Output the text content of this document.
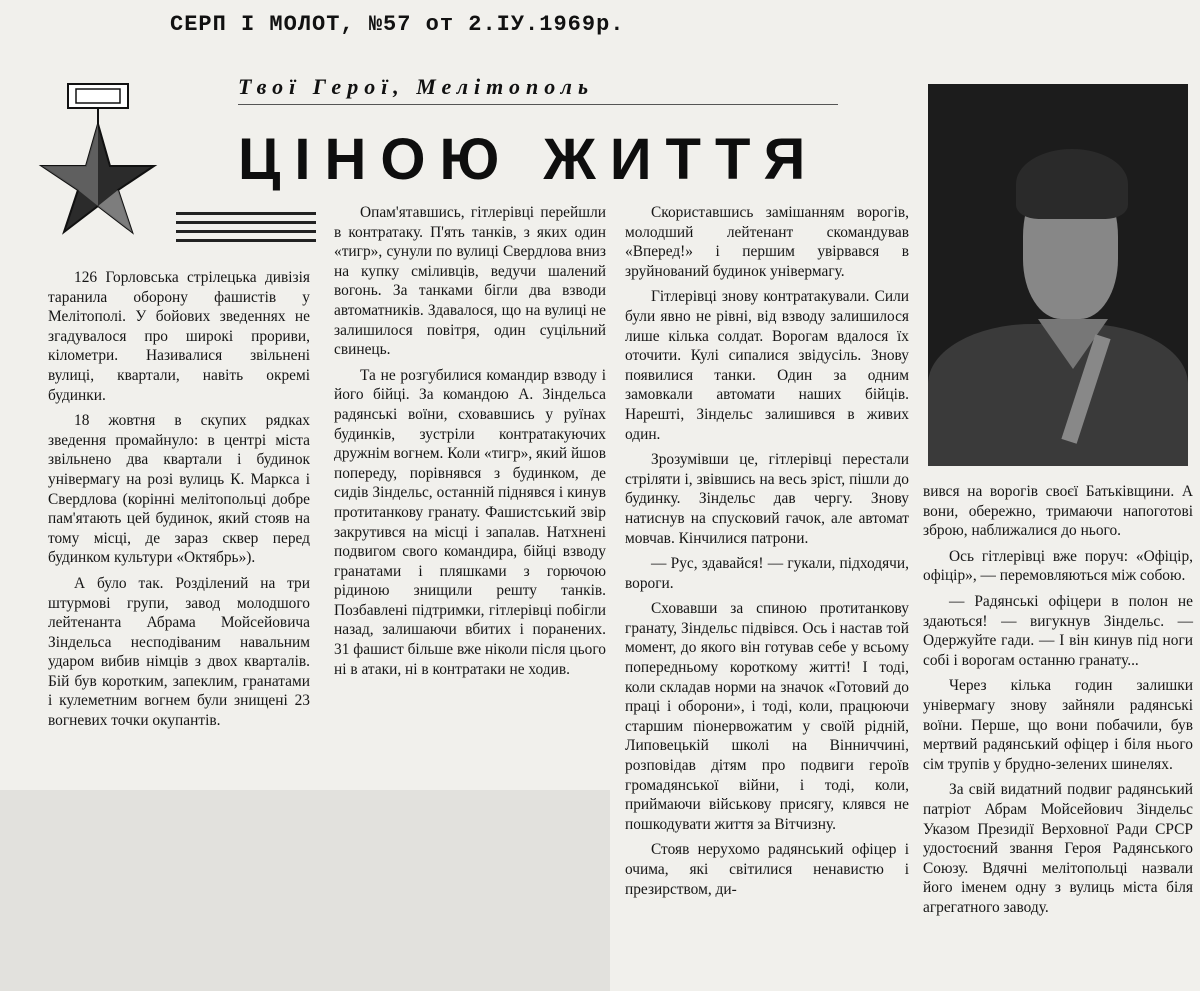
СЕРП І МОЛОТ, №57 от 2.IУ.1969р.
Твої Герої, Мелітополь
ЦІНОЮ ЖИТТЯ

126 Горловська стрілецька дивізія таранила оборону фашистів у Мелітополі. У бойових зведеннях не згадувалося про широкі прориви, кілометри. Називалися звільнені вулиці, квартали, навіть окремі будинки.

18 жовтня в скупих рядках зведення промайнуло: в центрі міста звільнено два квартали і будинок універмагу на розі вулиць К. Маркса і Свердлова (корінні мелітопольці добре пам'ятають цей будинок, який стояв на тому місці, де зараз сквер перед будинком культури «Октябрь»).

А було так. Розділений на три штурмові групи, завод молодшого лейтенанта Абрама Мойсейовича Зіндельса несподіваним навальним ударом вибив німців з двох кварталів. Бій був коротким, запеклим, гранатами і кулеметним вогнем були знищені 23 вогневих точки окупантів.

Опам'ятавшись, гітлерівці перейшли в контратаку. П'ять танків, з яких один «тигр», сунули по вулиці Свердлова вниз на купку сміливців, ведучи шалений вогонь. За танками бігли два взводи автоматників. Здавалося, що на вулиці не залишилося повітря, один суцільний свинець.

Та не розгубилися командир взводу і його бійці. За командою А. Зіндельса радянські воїни, сховавшись у руїнах будинків, зустріли контратакуючих дружнім вогнем. Коли «тигр», який йшов попереду, порівнявся з будинком, де сидів Зіндельс, останній піднявся і кинув протитанкову гранату. Фашистський звір закрутився на місці і запалав. Натхнені подвигом свого командира, бійці взводу гранатами і пляшками з горючою рідиною знищили решту танків. Позбавлені підтримки, гітлерівці побігли назад, залишаючи вбитих і поранених. 31 фашист більше вже ніколи після цього ні в атаки, ні в контратаки не ходив.

Скориставшись замішанням ворогів, молодший лейтенант скомандував «Вперед!» і першим увірвався в зруйнований будинок універмагу.

Гітлерівці знову контратакували. Сили були явно не рівні, від взводу залишилося лише кілька солдат. Ворогам вдалося їх оточити. Кулі сипалися звідусіль. Знову появилися танки. Один за одним замовкали автомати наших бійців. Нарешті, Зіндельс залишився в живих один.

Зрозумівши це, гітлерівці перестали стріляти і, звівшись на весь зріст, пішли до будинку. Зіндельс дав чергу. Знову натиснув на спусковий гачок, але автомат мовчав. Кінчилися патрони.

— Рус, здавайся! — гукали, підходячи, вороги.

Сховавши за спиною протитанкову гранату, Зіндельс підвівся. Ось і настав той момент, до якого він готував себе у всьому попередньому короткому житті! І тоді, коли складав норми на значок «Готовий до праці і оборони», і тоді, коли, працюючи старшим піонервожатим у своїй рідній, Липовецькій школі на Вінниччині, розповідав дітям про подвиги героїв громадянської війни, і тоді, коли, приймаючи військову присягу, клявся не пошкодувати життя за Вітчизну.

Стояв нерухомо радянський офіцер і очима, які світилися ненавистю і презирством, ди-

вився на ворогів своєї Батьківщини. А вони, обережно, тримаючи напоготові зброю, наближалися до нього.

Ось гітлерівці вже поруч: «Офіцір, офіцір», — перемовляються між собою.

— Радянські офіцери в полон не здаються! — вигукнув Зіндельс. — Одержуйте гади. — І він кинув під ноги собі і ворогам останню гранату...

Через кілька годин залишки універмагу знову зайняли радянські воїни. Перше, що вони побачили, був мертвий радянський офіцер і біля нього сім трупів у брудно-зелених шинелях.

За свій видатний подвиг радянський патріот Абрам Мойсейович Зіндельс Указом Президії Верховної Ради СРСР удостоєний звання Героя Радянського Союзу. Вдячні мелітопольці назвали його іменем одну з вулиць міста біля агрегатного заводу.
